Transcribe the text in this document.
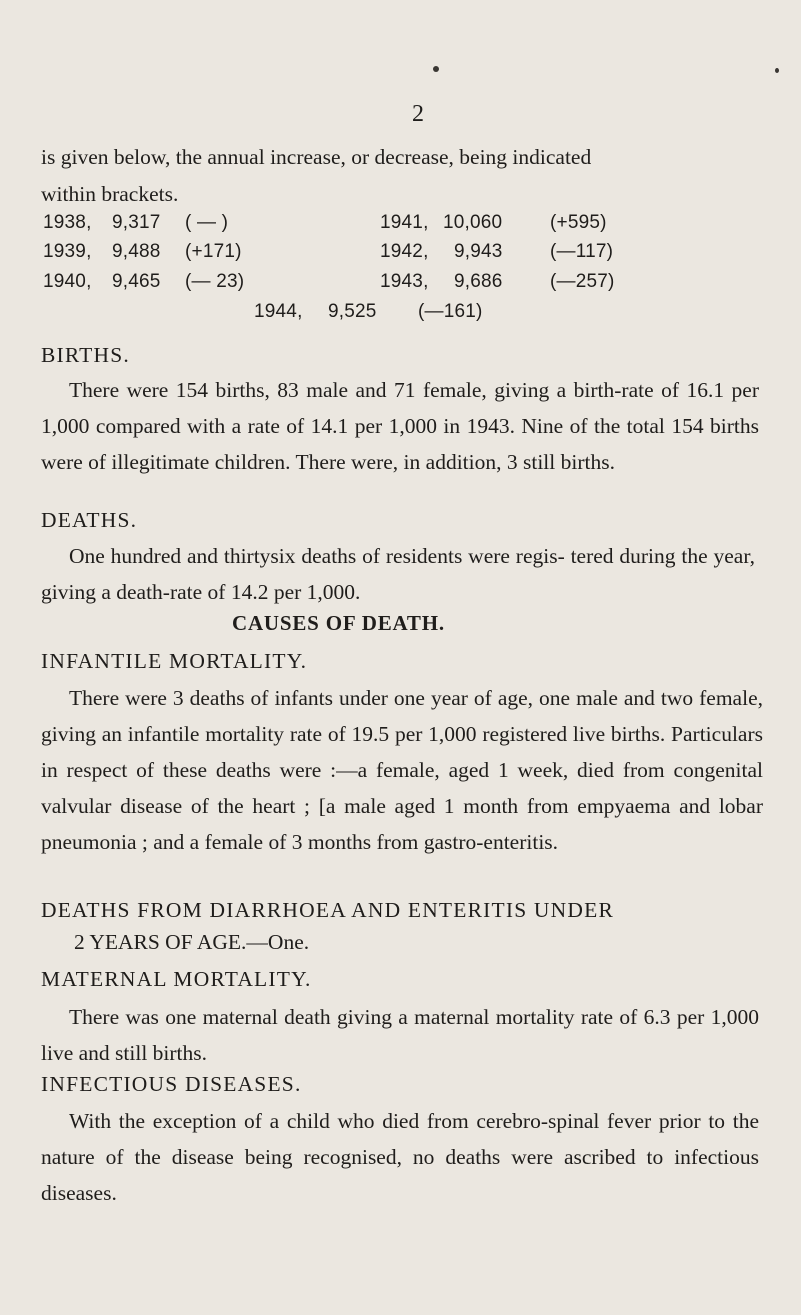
2
is given below, the annual increase, or decrease, being indicated
within brackets.
1938, 9,317 ( — )
1939, 9,488 (+171)
1940, 9,465 (— 23)
1941, 10,060	(+595)
1942, 9,943 (—117)
1943, 9,686 (—257)
1944, 9,525 (—161)
BIRTHS.
There were 154 births, 83 male and 71 female, giving a birth-rate of 16.1 per 1,000 compared with a rate of 14.1 per 1,000 in 1943. Nine of the total 154 births were of illegitimate children. There were, in addition, 3 still births.
DEATHS.
One hundred and thirtysix deaths of residents were regis- tered during the year, giving a death-rate of 14.2 per 1,000.
CAUSES OF DEATH.
INFANTILE MORTALITY.
There were 3 deaths of infants under one year of age, one male and two female, giving an infantile mortality rate of 19.5 per 1,000 registered live births. Particulars in respect of these deaths were :—a female, aged 1 week, died from congenital valvular disease of the heart ; [a male aged 1 month from empyaema and lobar pneumonia ; and a female of 3 months from gastro-enteritis.
DEATHS FROM DIARRHOEA AND ENTERITIS UNDER
2 YEARS OF AGE.—One.
MATERNAL MORTALITY.
There was one maternal death giving a maternal mortality rate of 6.3 per 1,000 live and still births.
INFECTIOUS DISEASES.
With the exception of a child who died from cerebro-spinal fever prior to the nature of the disease being recognised, no deaths were ascribed to infectious diseases.
